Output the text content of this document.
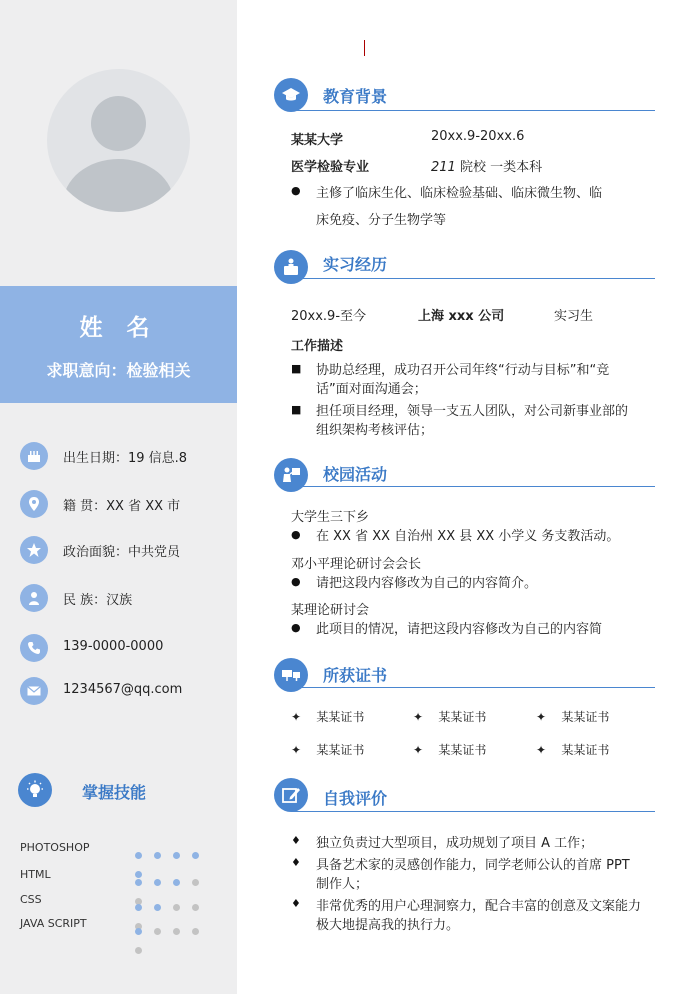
姓 名
求职意向：检验相关
出生日期：19 信息.8
籍 贯：XX 省 XX 市
政治面貌：中共党员
民 族：汉族
139-0000-0000
1234567@qq.com
掌握技能
PHOTOSHOP
HTML
CSS
JAVA SCRIPT
教育背景
某某大学	20xx.9-20xx.6
医学检验专业	211 院校 一类本科
● 主修了临床生化、临床检验基础、临床微生物、临
床免疫、分子生物学等
实习经历
20xx.9-至今	上海 xxx 公司	实习生
工作描述
■ 协助总经理，成功召开公司年终“行动与目标”和“竞
话”面对面沟通会；
■ 担任项目经理，领导一支五人团队，对公司新事业部的
组织架构考核评估；
校园活动
大学生三下乡
● 在 XX 省 XX 自治州 XX 县 XX 小学义 务支教活动。
邓小平理论研讨会会长
● 请把这段内容修改为自己的内容简介。
某理论研讨会
● 此项目的情况，请把这段内容修改为自己的内容简
所获证书
✦ 某某证书	✦ 某某证书	✦ 某某证书
✦ 某某证书	✦ 某某证书	✦ 某某证书
自我评价
♦ 独立负责过大型项目，成功规划了项目 A 工作；
♦ 具备艺术家的灵感创作能力，同学老师公认的首席 PPT
制作人；
♦ 非常优秀的用户心理洞察力，配合丰富的创意及文案能力
极大地提高我的执行力。
